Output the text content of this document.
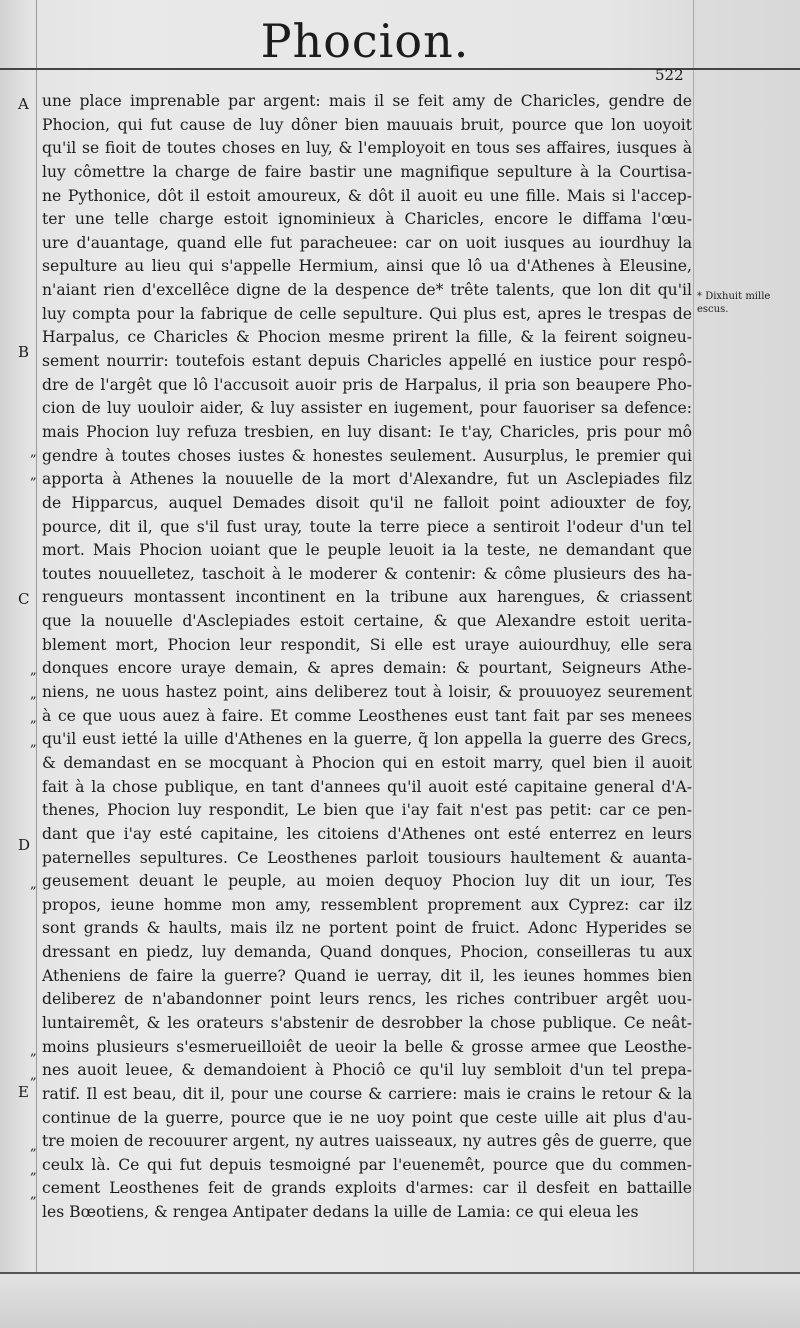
Phocion.
522
A
B
C
D
E
„
„
„
„
„
„
„
„
„
„
„
„
* Dixhuit mille escus.
une place imprenable par argent: mais il se feit amy de Charicles, gendre de
Phocion, qui fut cause de luy dôner bien mauuais bruit, pource que lon uoyoit
qu'il se fioit de toutes choses en luy, & l'employoit en tous ses affaires, iusques à
luy cômettre la charge de faire bastir une magnifique sepulture à la Courtisa-
ne Pythonice, dôt il estoit amoureux, & dôt il auoit eu une fille. Mais si l'accep-
ter une telle charge estoit ignominieux à Charicles, encore le diffama l'œu-
ure d'auantage, quand elle fut paracheuee: car on uoit iusques au iourdhuy la
sepulture au lieu qui s'appelle Hermium, ainsi que lô ua d'Athenes à Eleusine,
n'aiant rien d'excellêce digne de la despence de* trête talents, que lon dit qu'il
luy compta pour la fabrique de celle sepulture. Qui plus est, apres le trespas de
Harpalus, ce Charicles & Phocion mesme prirent la fille, & la feirent soigneu-
sement nourrir: toutefois estant depuis Charicles appellé en iustice pour respô-
dre de l'argêt que lô l'accusoit auoir pris de Harpalus, il pria son beaupere Pho-
cion de luy uouloir aider, & luy assister en iugement, pour fauoriser sa defence:
mais Phocion luy refuza tresbien, en luy disant: Ie t'ay, Charicles, pris pour mô
gendre à toutes choses iustes & honestes seulement. Ausurplus, le premier qui
apporta à Athenes la nouuelle de la mort d'Alexandre, fut un Asclepiades filz
de Hipparcus, auquel Demades disoit qu'il ne falloit point adiouxter de foy,
pource, dit il, que s'il fust uray, toute la terre piece a sentiroit l'odeur d'un tel
mort. Mais Phocion uoiant que le peuple leuoit ia la teste, ne demandant que
toutes nouuelletez, taschoit à le moderer & contenir: & côme plusieurs des ha-
rengueurs montassent incontinent en la tribune aux harengues, & criassent
que la nouuelle d'Asclepiades estoit certaine, & que Alexandre estoit uerita-
blement mort, Phocion leur respondit, Si elle est uraye auiourdhuy, elle sera
donques encore uraye demain, & apres demain: & pourtant, Seigneurs Athe-
niens, ne uous hastez point, ains deliberez tout à loisir, & prouuoyez seurement
à ce que uous auez à faire. Et comme Leosthenes eust tant fait par ses menees
qu'il eust ietté la uille d'Athenes en la guerre, q̃ lon appella la guerre des Grecs,
& demandast en se mocquant à Phocion qui en estoit marry, quel bien il auoit
fait à la chose publique, en tant d'annees qu'il auoit esté capitaine general d'A-
thenes, Phocion luy respondit, Le bien que i'ay fait n'est pas petit: car ce pen-
dant que i'ay esté capitaine, les citoiens d'Athenes ont esté enterrez en leurs
paternelles sepultures. Ce Leosthenes parloit tousiours haultement & auanta-
geusement deuant le peuple, au moien dequoy Phocion luy dit un iour, Tes
propos, ieune homme mon amy, ressemblent proprement aux Cyprez: car ilz
sont grands & haults, mais ilz ne portent point de fruict. Adonc Hyperides se
dressant en piedz, luy demanda, Quand donques, Phocion, conseilleras tu aux
Atheniens de faire la guerre? Quand ie uerray, dit il, les ieunes hommes bien
deliberez de n'abandonner point leurs rencs, les riches contribuer argêt uou-
luntairemêt, & les orateurs s'abstenir de desrobber la chose publique. Ce neât-
moins plusieurs s'esmerueilloiêt de ueoir la belle & grosse armee que Leosthe-
nes auoit leuee, & demandoient à Phociô ce qu'il luy sembloit d'un tel prepa-
ratif. Il est beau, dit il, pour une course & carriere: mais ie crains le retour & la
continue de la guerre, pource que ie ne uoy point que ceste uille ait plus d'au-
tre moien de recouurer argent, ny autres uaisseaux, ny autres gês de guerre, que
ceulx là. Ce qui fut depuis tesmoigné par l'euenemêt, pource que du commen-
cement Leosthenes feit de grands exploits d'armes: car il desfeit en battaille
les Bœotiens, & rengea Antipater dedans la uille de Lamia: ce qui eleua les
